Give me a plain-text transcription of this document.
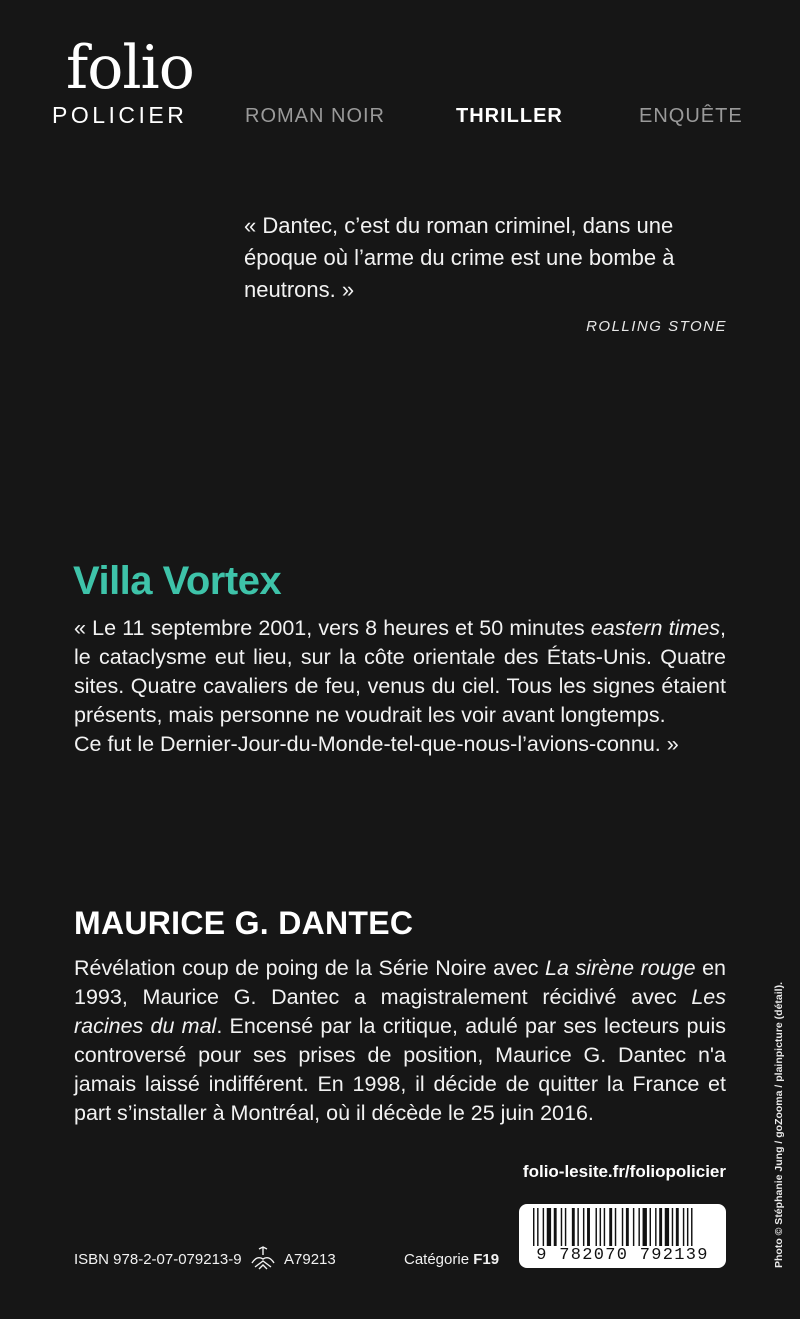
folio
POLICIER	ROMAN NOIR	THRILLER	ENQUÊTE
« Dantec, c’est du roman criminel, dans une époque où l’arme du crime est une bombe à neutrons. »
ROLLING STONE
Villa Vortex

« Le 11 septembre 2001, vers 8 heures et 50 minutes eastern times, le cataclysme eut lieu, sur la côte orientale des États-Unis. Quatre sites. Quatre cavaliers de feu, venus du ciel. Tous les signes étaient présents, mais personne ne voudrait les voir avant longtemps.

Ce fut le Dernier-Jour-du-Monde-tel-que-nous-l’avions-connu. »

MAURICE G. DANTEC
Révélation coup de poing de la Série Noire avec La sirène rouge en 1993, Maurice G. Dantec a magistralement récidivé avec Les racines du mal. Encensé par la critique, adulé par ses lecteurs puis controversé pour ses prises de position, Maurice G. Dantec n'a jamais laissé indifférent. En 1998, il décide de quitter la France et part s’installer à Montréal, où il décède le 25 juin 2016.
folio-lesite.fr/foliopolicier
ISBN 978-2-07-079213-9	A79213	Catégorie F19	9 782070 792139	Photo © Stéphanie Jung / goZooma / plainpicture (détail).
